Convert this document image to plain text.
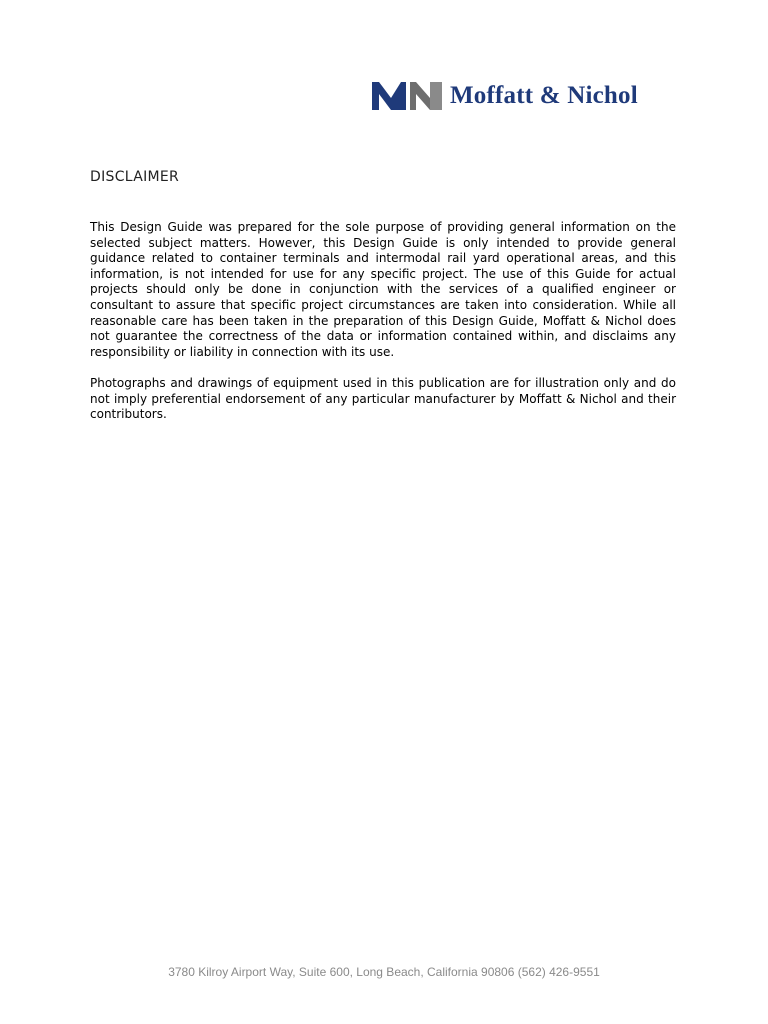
Moffatt & Nichol
DISCLAIMER

This Design Guide was prepared for the sole purpose of providing general information on the selected subject matters. However, this Design Guide is only intended to provide general guidance related to container terminals and intermodal rail yard operational areas, and this information, is not intended for use for any specific project. The use of this Guide for actual projects should only be done in conjunction with the services of a qualified engineer or consultant to assure that specific project circumstances are taken into consideration. While all reasonable care has been taken in the preparation of this Design Guide, Moffatt & Nichol does not guarantee the correctness of the data or information contained within, and disclaims any responsibility or liability in connection with its use.

Photographs and drawings of equipment used in this publication are for illustration only and do not imply preferential endorsement of any particular manufacturer by Moffatt & Nichol and their contributors.

3780 Kilroy Airport Way, Suite 600, Long Beach, California 90806 (562) 426-9551
